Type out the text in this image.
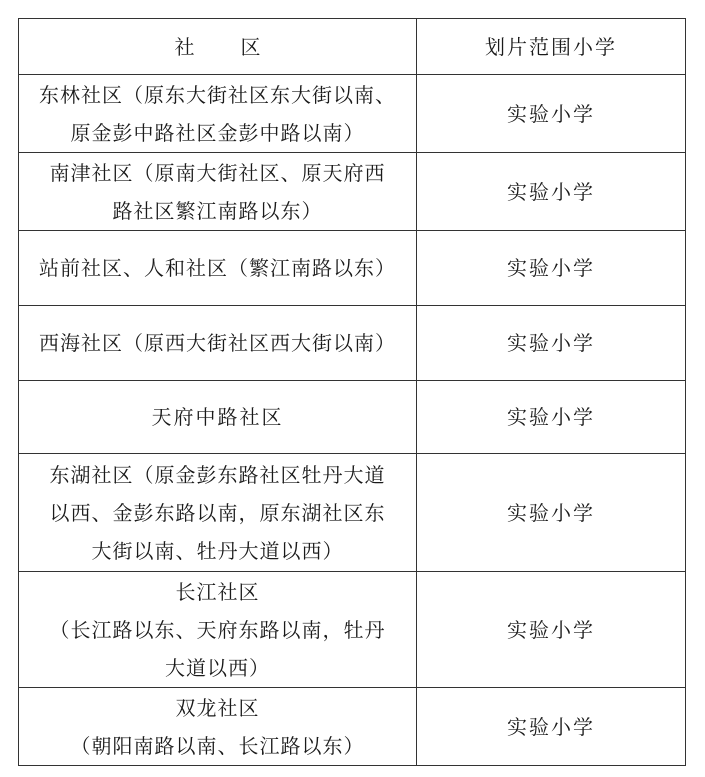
社 区	划片范围小学

东林社区（原东大街社区东大街以南、
原金彭中路社区金彭中路以南）	实验小学

南津社区（原南大街社区、原天府西
路社区繁江南路以东）	实验小学

站前社区、人和社区（繁江南路以东）	实验小学

西海社区（原西大街社区西大街以南）	实验小学

天府中路社区	实验小学

东湖社区（原金彭东路社区牡丹大道
以西、金彭东路以南，原东湖社区东
大街以南、牡丹大道以西）	实验小学

长江社区
（长江路以东、天府东路以南，牡丹
大道以西）	实验小学

双龙社区
（朝阳南路以南、长江路以东）	实验小学
